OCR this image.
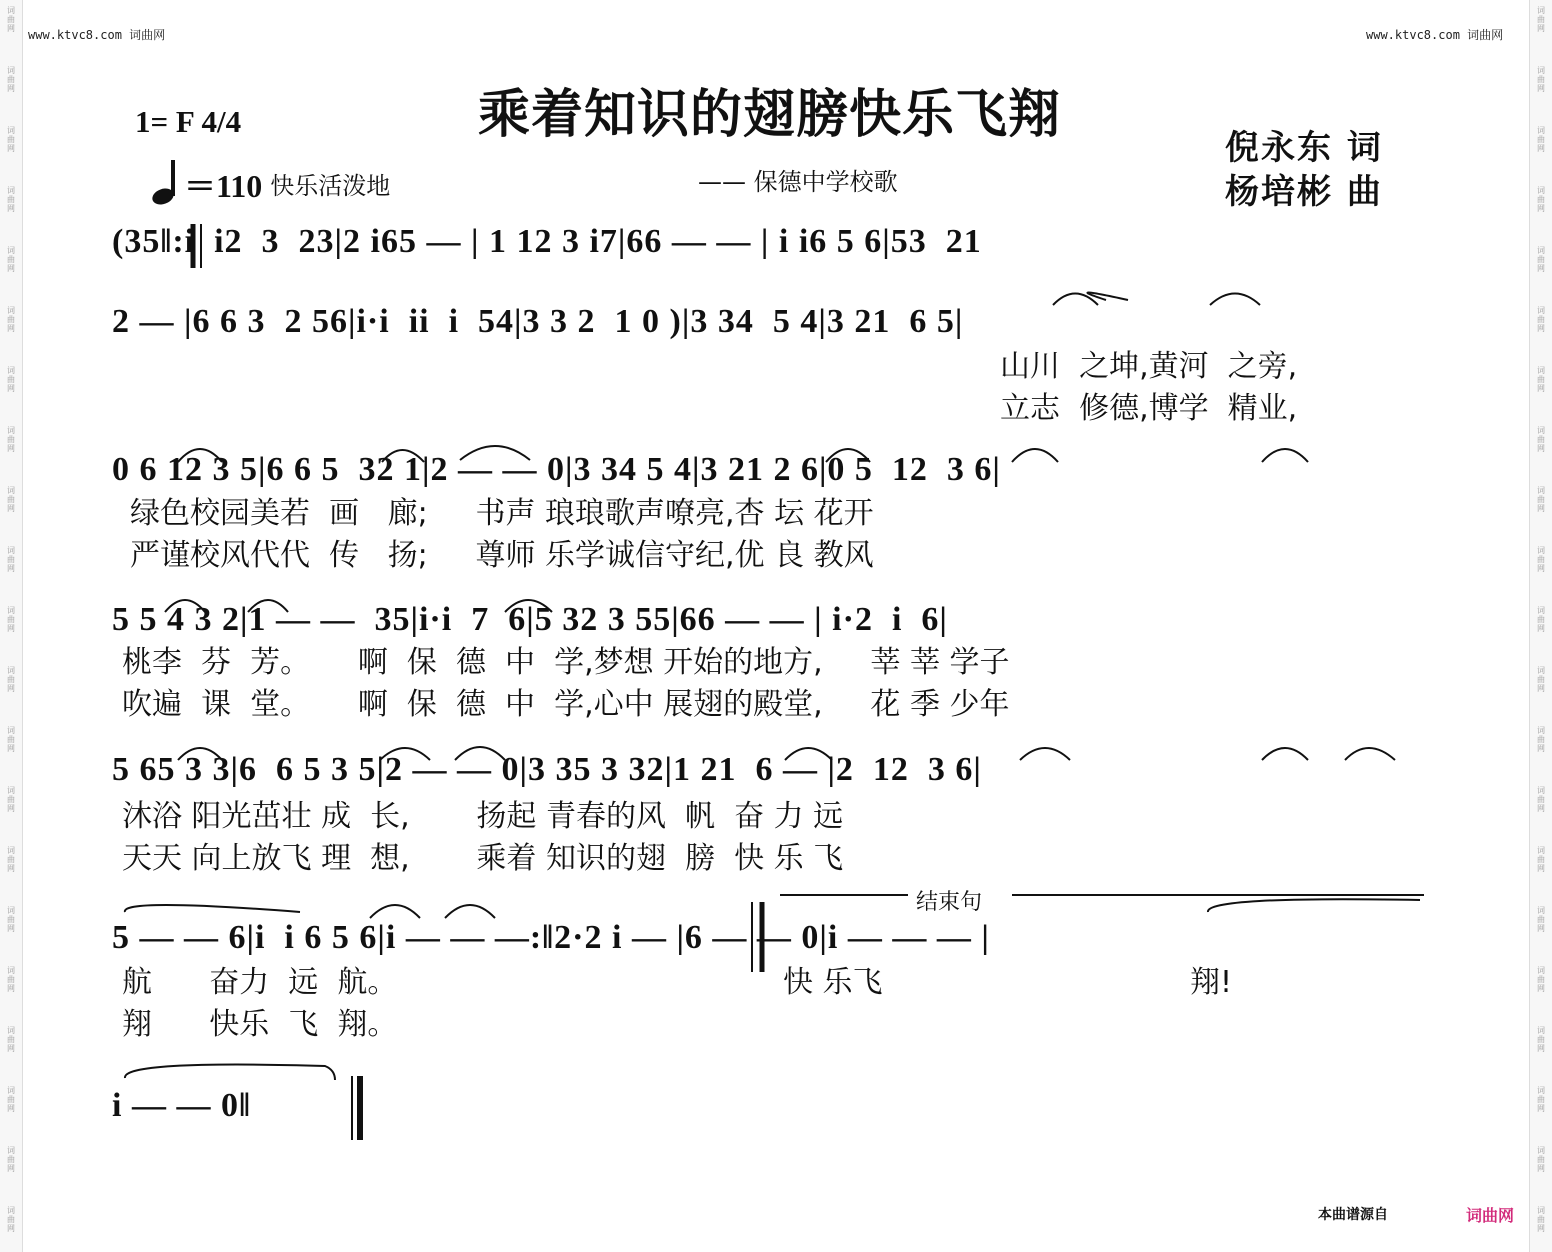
词曲网
词曲网
词曲网
词曲网
词曲网
词曲网
词曲网
词曲网
词曲网
词曲网
词曲网
词曲网
词曲网
词曲网
词曲网
词曲网
词曲网
词曲网
词曲网
词曲网
词曲网
词曲网
词曲网
词曲网
词曲网
词曲网
词曲网
词曲网
词曲网
词曲网
词曲网
词曲网
词曲网
词曲网
词曲网
词曲网
词曲网
词曲网
词曲网
词曲网
词曲网
词曲网
www.ktvc8.com 词曲网	www.ktvc8.com 词曲网
乘着知识的翅膀快乐飞翔
1= F 4/4
＝110 快乐活泼地	—— 保德中学校歌
倪永东 词
杨培彬 曲
(35‖:i  i2  3  23|2 i65 — | 1 12 3 i7|66 — — | i i6 5 6|53  21
2 — |6 6 3  2 56|i·i  ii  i  54|3 3 2  1 0 )|3 34  5 4|3 21  6 5|
0 6 12 3 5|6 6 5  32 1|2 — — 0|3 34 5 4|3 21 2 6|0 5  12  3 6|
5 5 4 3 2|1 — —  35|i·i  7  6|5 32 3 55|66 — — | i·2  i  6|
5 65 3 3|6  6 5 3 5|2 — — 0|3 35 3 32|1 21  6 — |2  12  3 6|
5 — — 6|i  i 6 5 6|i — — —:‖2·2 i — |6 — — 0|i — — — |
i — — 0‖
山川  之坤,黄河  之旁,
立志  修德,博学  精业,
绿色校园美若  画   廊;     书声 琅琅歌声嘹亮,杏 坛 花开
严谨校风代代  传   扬;     尊师 乐学诚信守纪,优 良 教风
桃李  芬  芳。     啊  保  德  中  学,梦想 开始的地方,     莘 莘 学子
吹遍  课  堂。     啊  保  德  中  学,心中 展翅的殿堂,     花 季 少年
沐浴 阳光茁壮 成  长,       扬起 青春的风  帆  奋 力 远
天天 向上放飞 理  想,       乘着 知识的翅  膀  快 乐 飞
航      奋力  远  航。
翔      快乐  飞  翔。
快 乐飞	翔!
结束句
本曲谱源自	词曲网
